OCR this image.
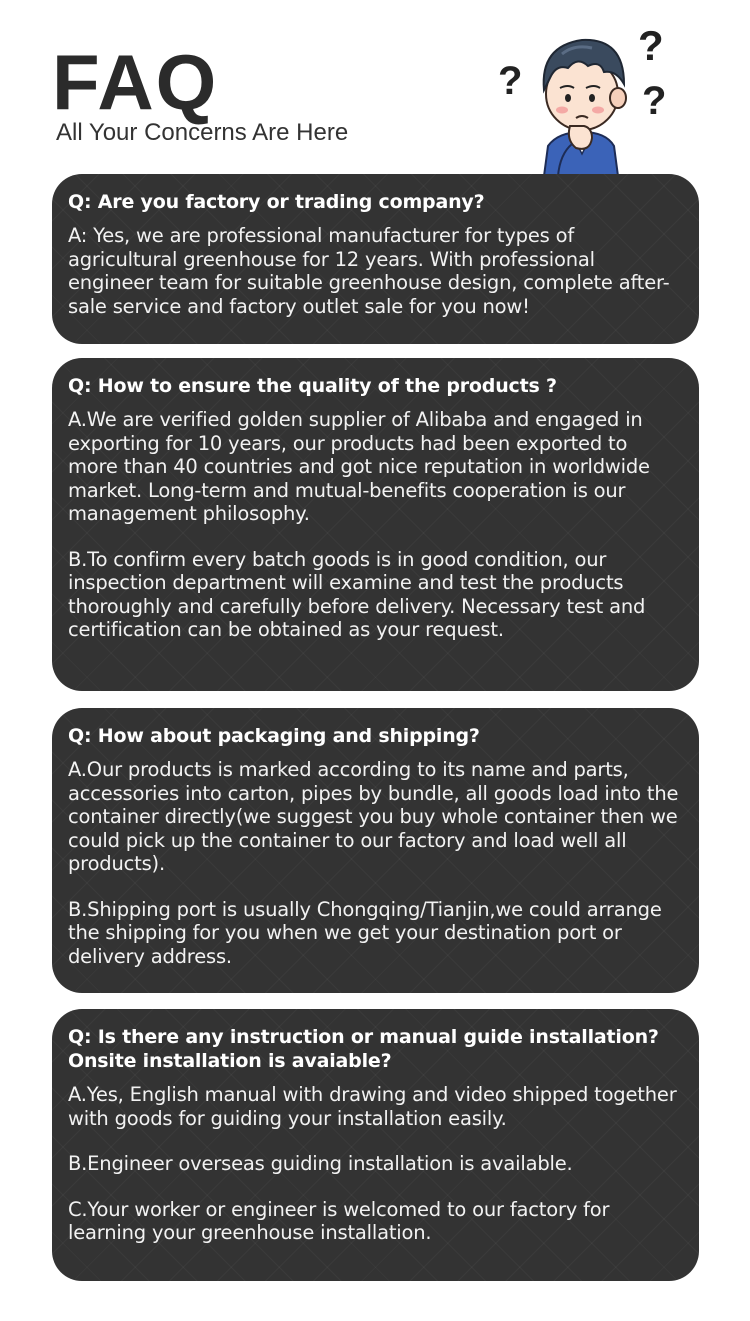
FAQ
All Your Concerns Are Here
?
?
?
Q: Are you factory or trading company?
A: Yes, we are professional manufacturer for types of agricultural greenhouse for 12 years. With professional engineer team for suitable greenhouse design, complete after-sale service and factory outlet sale for you now!
Q: How to ensure the quality of the products ?
A.We are verified golden supplier of Alibaba and engaged in exporting for 10 years, our products had been exported to more than 40 countries and got nice reputation in worldwide market. Long-term and mutual-benefits cooperation is our management philosophy.
B.To confirm every batch goods is in good condition, our inspection department will examine and test the products thoroughly and carefully before delivery. Necessary test and certification can be obtained as your request.
Q: How about packaging and shipping?
A.Our products is marked according to its name and parts, accessories into carton, pipes by bundle, all goods load into the container directly(we suggest you buy whole container then we could pick up the container to our factory and load well all products).
B.Shipping port is usually Chongqing/Tianjin,we could arrange the shipping for you when we get your destination port or delivery address.
Q: Is there any instruction or manual guide installation? Onsite installation is avaiable?
A.Yes, English manual with drawing and video shipped together with goods for guiding your installation easily.
B.Engineer overseas guiding installation is available.
C.Your worker or engineer is welcomed to our factory for learning your greenhouse installation.
